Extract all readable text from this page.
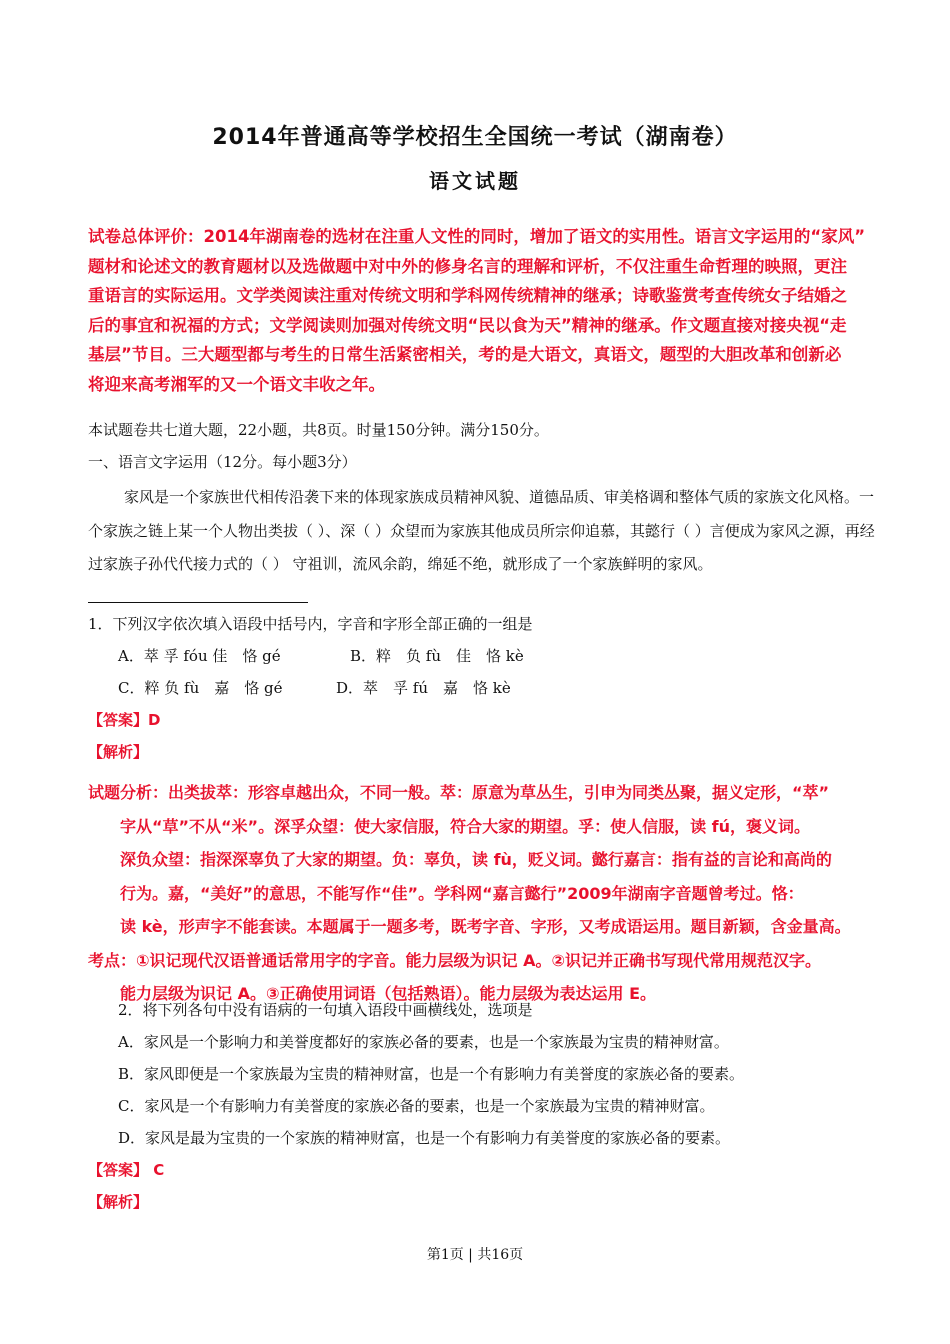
2014年普通高等学校招生全国统一考试（湖南卷）
语文试题
试卷总体评价：2014年湖南卷的选材在注重人文性的同时，增加了语文的实用性。语言文字运用的“家风”
题材和论述文的教育题材以及选做题中对中外的修身名言的理解和评析，不仅注重生命哲理的映照，更注
重语言的实际运用。文学类阅读注重对传统文明和学科网传统精神的继承；诗歌鉴赏考查传统女子结婚之
后的事宜和祝福的方式；文学阅读则加强对传统文明“民以食为天”精神的继承。作文题直接对接央视“走
基层”节目。三大题型都与考生的日常生活紧密相关，考的是大语文，真语文，题型的大胆改革和创新必
将迎来高考湘军的又一个语文丰收之年。
本试题卷共七道大题，22小题，共8页。时量150分钟。满分150分。
一、语言文字运用（12分。每小题3分）
家风是一个家族世代相传沿袭下来的体现家族成员精神风貌、道德品质、审美格调和整体气质的家族文化风格。一个家族之链上某一个人物出类拔（ ）、深（ ）众望而为家族其他成员所宗仰追慕，其懿行（ ）言便成为家风之源，再经过家族子孙代代接力式的（ ） 守祖训，流风余韵，绵延不绝，就形成了一个家族鲜明的家风。
1．下列汉字依次填入语段中括号内，字音和字形全部正确的一组是
A．萃 孚 fóu 佳　恪 gé	B．粹　负 fù　佳　恪 kè
C．粹 负 fù　嘉　恪 gé	D．萃　孚 fú　嘉　恪 kè
【答案】D
【解析】
试题分析：出类拔萃：形容卓越出众，不同一般。萃：原意为草丛生，引申为同类丛聚，据义定形，“萃”
字从“草”不从“米”。深孚众望：使大家信服，符合大家的期望。孚：使人信服，读 fú，褒义词。
深负众望：指深深辜负了大家的期望。负：辜负，读 fù，贬义词。懿行嘉言：指有益的言论和高尚的
行为。嘉，“美好”的意思，不能写作“佳”。学科网“嘉言懿行”2009年湖南字音题曾考过。恪：
读 kè，形声字不能套读。本题属于一题多考，既考字音、字形，又考成语运用。题目新颖，含金量高。
考点：①识记现代汉语普通话常用字的字音。能力层级为识记 A。②识记并正确书写现代常用规范汉字。
能力层级为识记 A。③正确使用词语（包括熟语）。能力层级为表达运用 E。
2．将下列各句中没有语病的一句填入语段中画横线处，选项是
A．家风是一个影响力和美誉度都好的家族必备的要素，也是一个家族最为宝贵的精神财富。
B．家风即便是一个家族最为宝贵的精神财富，也是一个有影响力有美誉度的家族必备的要素。
C．家风是一个有影响力有美誉度的家族必备的要素，也是一个家族最为宝贵的精神财富。
D．家风是最为宝贵的一个家族的精神财富，也是一个有影响力有美誉度的家族必备的要素。
【答案】 C
【解析】
第1页 | 共16页
